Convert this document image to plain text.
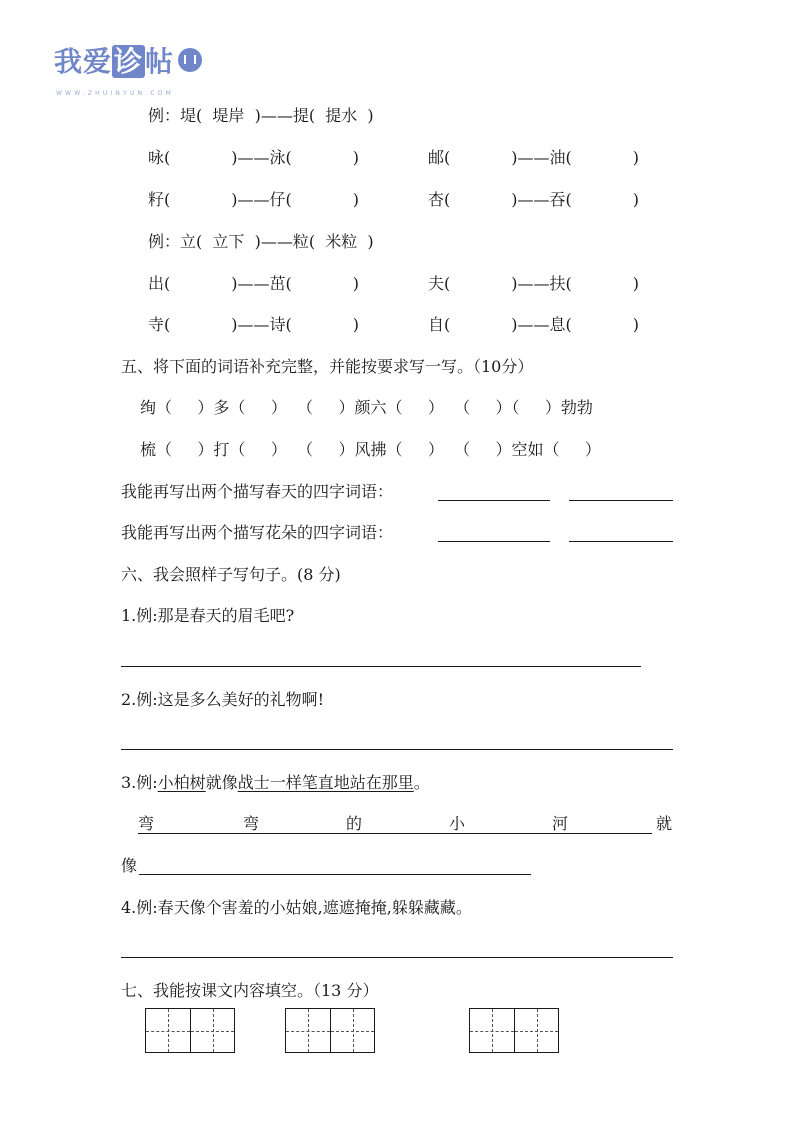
我爱诊帖
WWW.ZHUINYUN.COM
例：堤(  堤岸  )——提(  提水  )
咏(            )——泳(            )	邮(            )——油(            )
籽(            )——仔(            )	杏(            )——吞(            )
例：立(  立下  )——粒(  米粒  )
出(            )——茁(            )	夫(            )——扶(            )
寺(            )——诗(            )	自(            )——息(            )
五、将下面的词语补充完整，并能按要求写一写。（10分）
绚（     ）多（     ）  （     ）颜六（     ）  （     ）（     ）勃勃
梳（     ）打（     ）  （     ）风拂（     ）  （     ）空如（     ）
我能再写出两个描写春天的四字词语：
我能再写出两个描写花朵的四字词语：
六、我会照样子写句子。(8 分)
1.例:那是春天的眉毛吧?
2.例:这是多么美好的礼物啊!
3.例:小柏树就像战士一样笔直地站在那里。
弯	弯	的	小	河	就
像
4.例:春天像个害羞的小姑娘,遮遮掩掩,躲躲藏藏。
七、我能按课文内容填空。（13 分）
